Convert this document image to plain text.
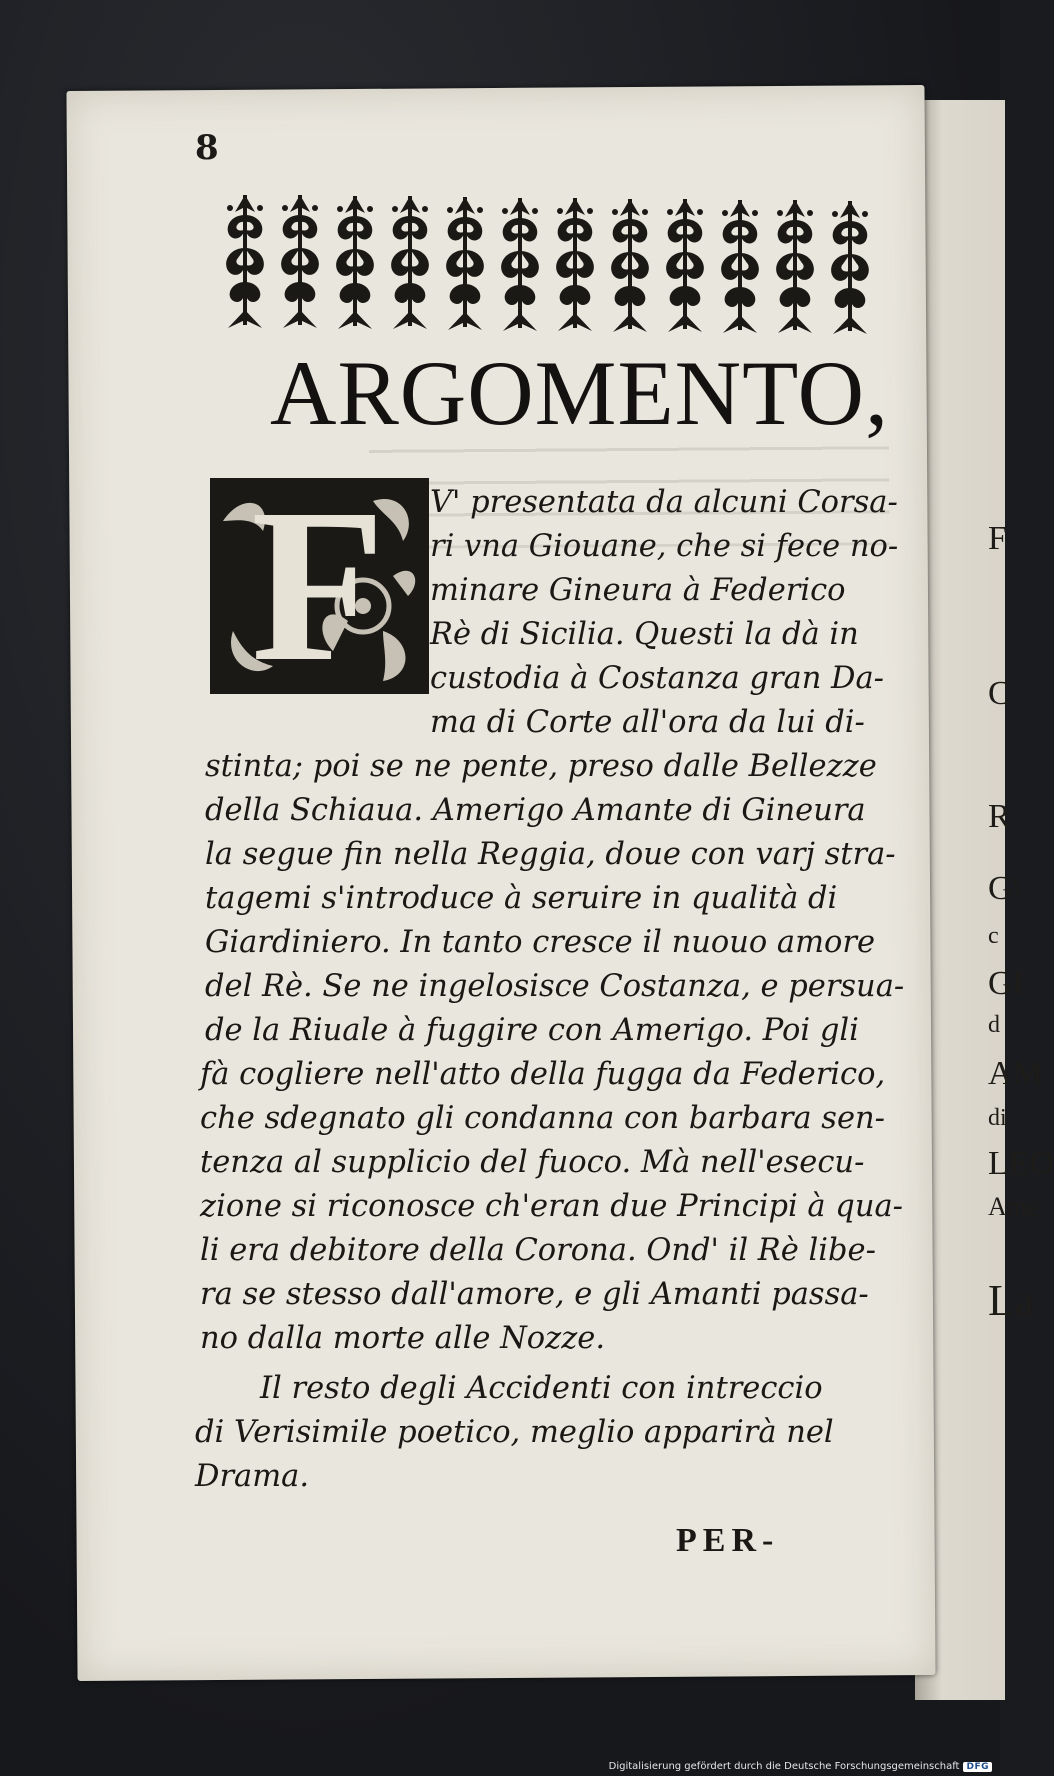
F
C
R
G\
c
GI
d
AM
di
LEO
Ame
La
8
ARGOMENTO,
F V' presentata da alcuni Corsa-
ri vna Giouane, che si fece no-
minare Gineura à Federico
Rè di Sicilia. Questi la dà in
custodia à Costanza gran Da-
ma di Corte all'ora da lui di-
stinta; poi se ne pente, preso dalle Bellezze
della Schiaua. Amerigo Amante di Gineura
la segue fin nella Reggia, doue con varj stra-
tagemi s'introduce à seruire in qualità di
Giardiniero. In tanto cresce il nuouo amore
del Rè. Se ne ingelosisce Costanza, e persua-
de la Riuale à fuggire con Amerigo. Poi gli
fà cogliere nell'atto della fugga da Federico,
che sdegnato gli condanna con barbara sen-
tenza al supplicio del fuoco. Mà nell'esecu-
zione si riconosce ch'eran due Principi à qua-
li era debitore della Corona. Ond' il Rè libe-
ra se stesso dall'amore, e gli Amanti passa-
no dalla morte alle Nozze.
Il resto degli Accidenti con intreccio
di Verisimile poetico, meglio apparirà nel
Drama.
PER-
Digitalisierung gefördert durch die Deutsche Forschungsgemeinschaft DFG
